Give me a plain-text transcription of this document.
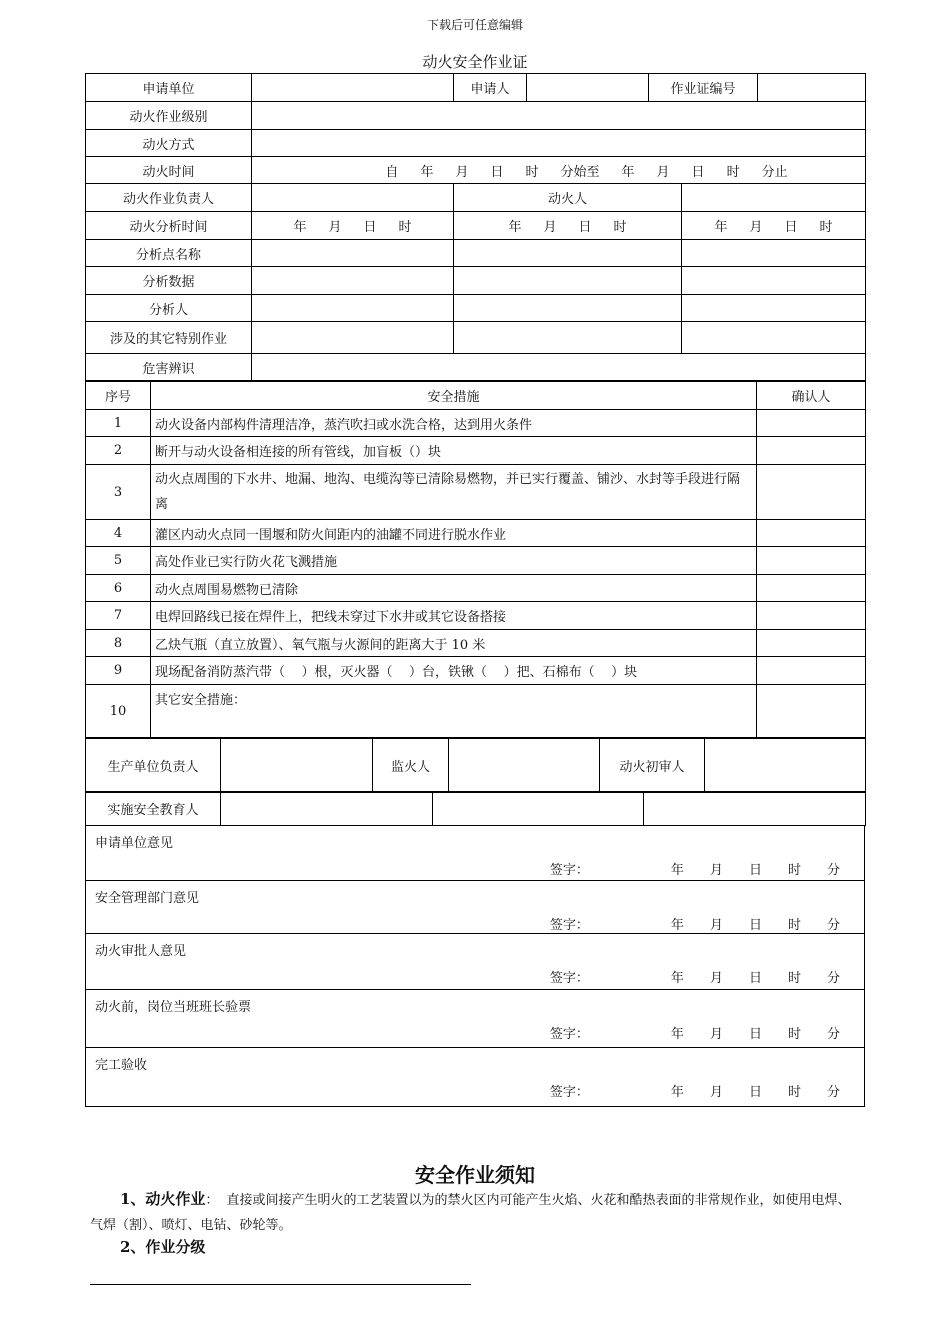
下载后可任意编辑
动火安全作业证
申请单位		申请人		作业证编号		
动火作业级别						
动火方式						
动火时间	自 年 月 日 时 分始至 年 月 日 时 分止					
动火作业负责人		动火人				
动火分析时间	年 月 日 时	年 月 日 时			年 月 日 时	
分析点名称						
分析数据						
分析人						
涉及的其它特别作业						
危害辨识						
序号	安全措施	确认人
1	动火设备内部构件清理洁净，蒸汽吹扫或水洗合格，达到用火条件	
2	断开与动火设备相连接的所有管线，加盲板（）块	
3	动火点周围的下水井、地漏、地沟、电缆沟等已清除易燃物，并已实行覆盖、铺沙、水封等手段进行隔离	
4	灌区内动火点同一围堰和防火间距内的油罐不同进行脱水作业	
5	高处作业已实行防火花飞溅措施	
6	动火点周围易燃物已清除	
7	电焊回路线已接在焊件上，把线未穿过下水井或其它设备搭接	
8	乙炔气瓶（直立放置）、氧气瓶与火源间的距离大于 10 米	
9	现场配备消防蒸汽带（    ）根，灭火器（    ）台，铁锹（    ）把、石棉布（    ）块	
10	其它安全措施：	
生产单位负责人		监火人		动火初审人	
实施安全教育人			
申请单位意见
签字：	年 月 日 时 分

安全管理部门意见
签字：	年 月 日 时 分

动火审批人意见
签字：	年 月 日 时 分

动火前，岗位当班班长验票
签字：	年 月 日 时 分

完工验收
签字：	年 月 日 时 分
安全作业须知
1、动火作业： 直接或间接产生明火的工艺装置以为的禁火区内可能产生火焰、火花和酷热表面的非常规作业，如使用电焊、气焊（割）、喷灯、电钻、砂轮等。
2、作业分级
